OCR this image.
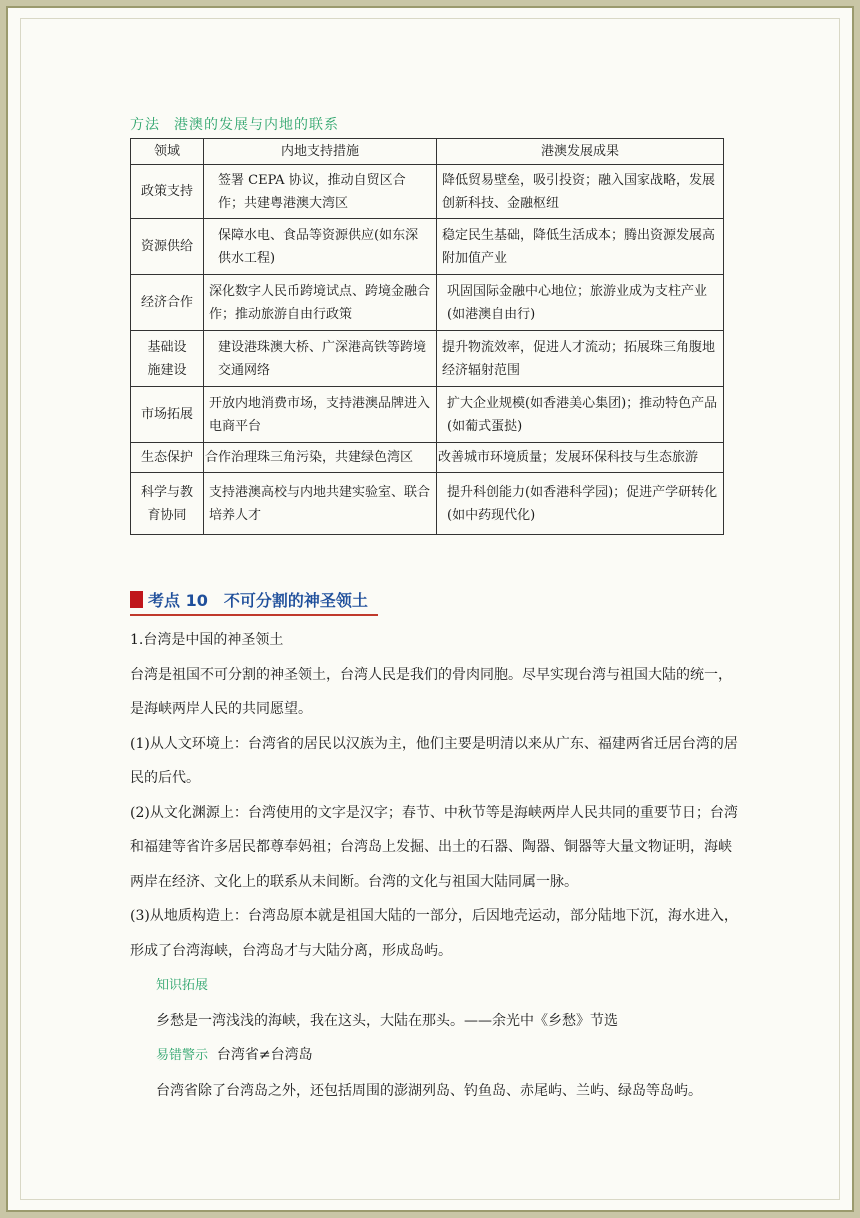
方法 港澳的发展与内地的联系
领域	内地支持措施	港澳发展成果
政策支持	签署 CEPA 协议，推动自贸区合作；共建粤港澳大湾区	降低贸易壁垒，吸引投资；融入国家战略，发展创新科技、金融枢纽
资源供给	保障水电、食品等资源供应(如东深供水工程)	稳定民生基础，降低生活成本；腾出资源发展高附加值产业
经济合作	深化数字人民币跨境试点、跨境金融合作；推动旅游自由行政策	巩固国际金融中心地位；旅游业成为支柱产业(如港澳自由行)
基础设施建设	建设港珠澳大桥、广深港高铁等跨境交通网络	提升物流效率，促进人才流动；拓展珠三角腹地经济辐射范围
市场拓展	开放内地消费市场，支持港澳品牌进入电商平台	扩大企业规模(如香港美心集团)；推动特色产品(如葡式蛋挞)
生态保护	合作治理珠三角污染，共建绿色湾区	改善城市环境质量；发展环保科技与生态旅游
科学与教育协同	支持港澳高校与内地共建实验室、联合培养人才	提升科创能力(如香港科学园)；促进产学研转化(如中药现代化)
考点 10 不可分割的神圣领土

1.台湾是中国的神圣领土

台湾是祖国不可分割的神圣领土，台湾人民是我们的骨肉同胞。尽早实现台湾与祖国大陆的统一，是海峡两岸人民的共同愿望。

(1)从人文环境上：台湾省的居民以汉族为主，他们主要是明清以来从广东、福建两省迁居台湾的居民的后代。

(2)从文化渊源上：台湾使用的文字是汉字；春节、中秋节等是海峡两岸人民共同的重要节日；台湾和福建等省许多居民都尊奉妈祖；台湾岛上发掘、出土的石器、陶器、铜器等大量文物证明，海峡两岸在经济、文化上的联系从未间断。台湾的文化与祖国大陆同属一脉。

(3)从地质构造上：台湾岛原本就是祖国大陆的一部分，后因地壳运动，部分陆地下沉，海水进入，形成了台湾海峡，台湾岛才与大陆分离，形成岛屿。

知识拓展

乡愁是一湾浅浅的海峡，我在这头，大陆在那头。——余光中《乡愁》节选

易错警示 台湾省≠台湾岛

台湾省除了台湾岛之外，还包括周围的澎湖列岛、钓鱼岛、赤尾屿、兰屿、绿岛等岛屿。
